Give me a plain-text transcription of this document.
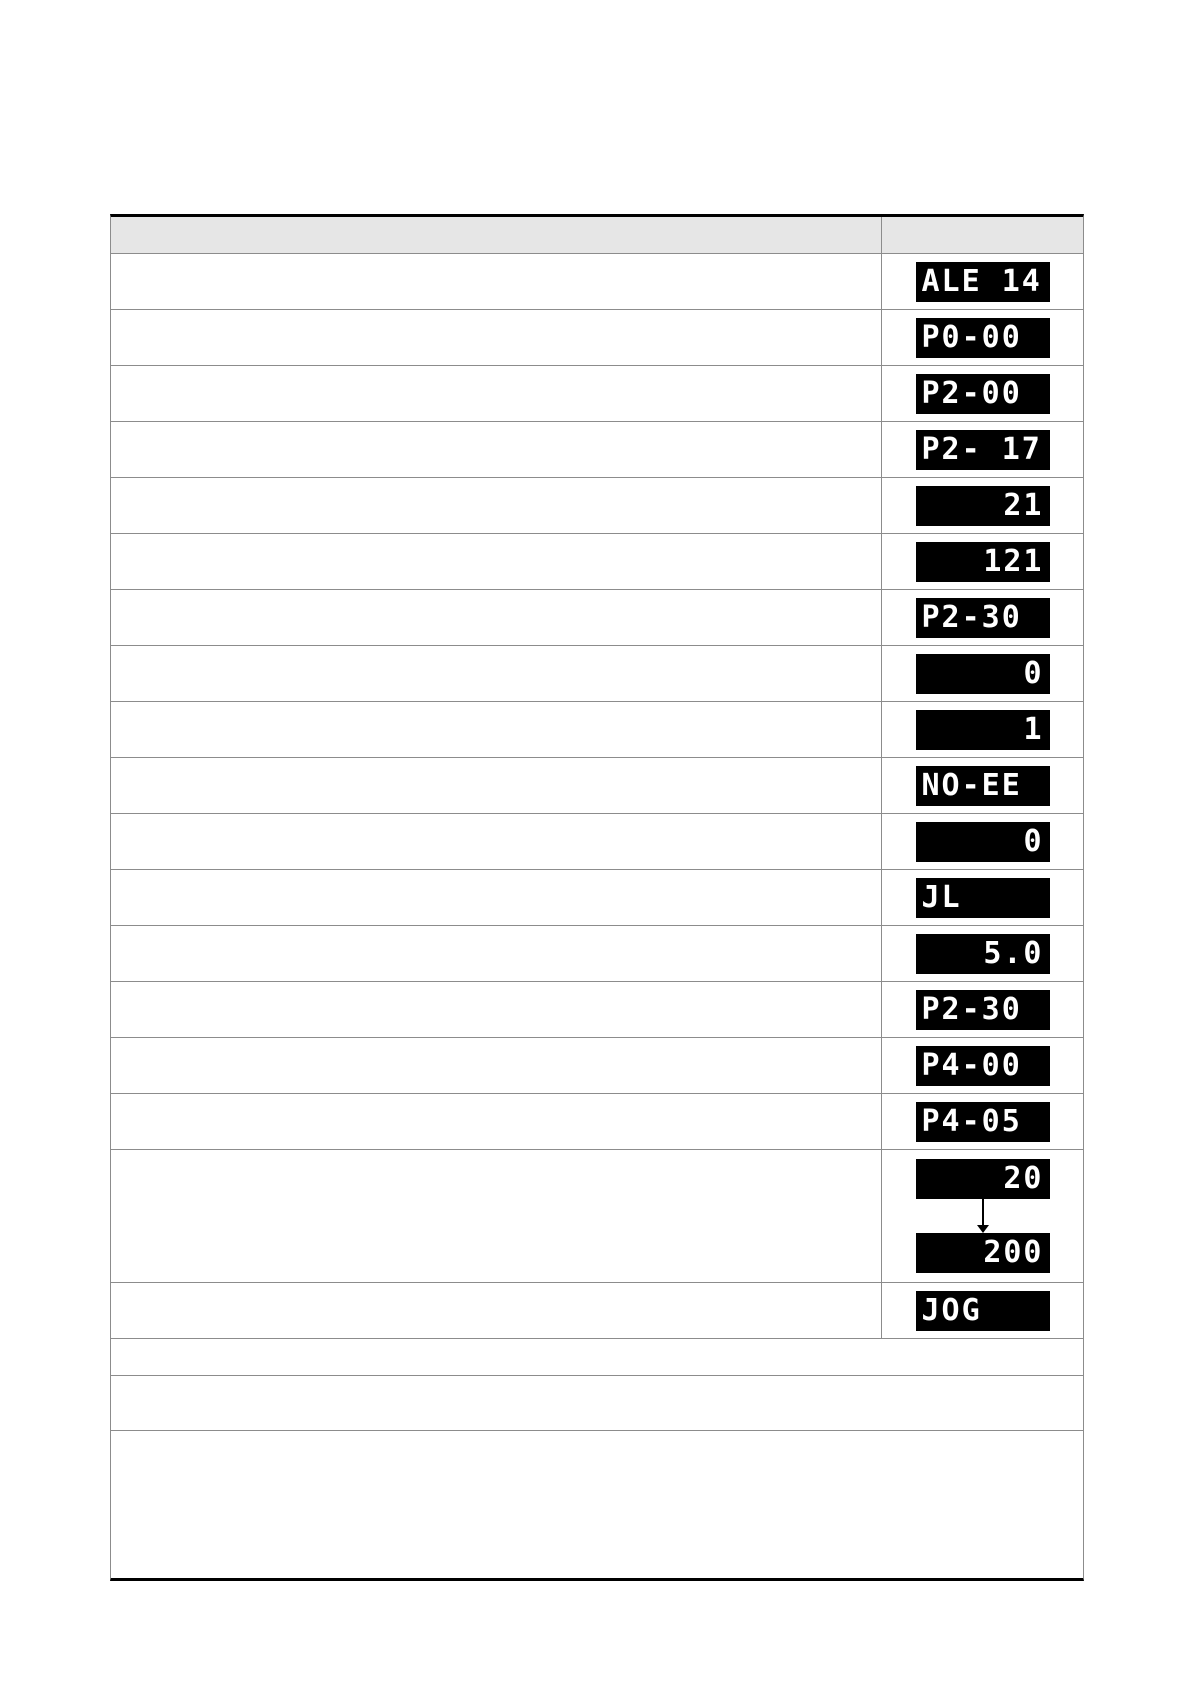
ALE 14
P0-00
P2-00
P2- 17
21
121
P2-30
0
1
NO-EE
0
JL
5.0
P2-30
P4-00
P4-05
20
200
JOG
